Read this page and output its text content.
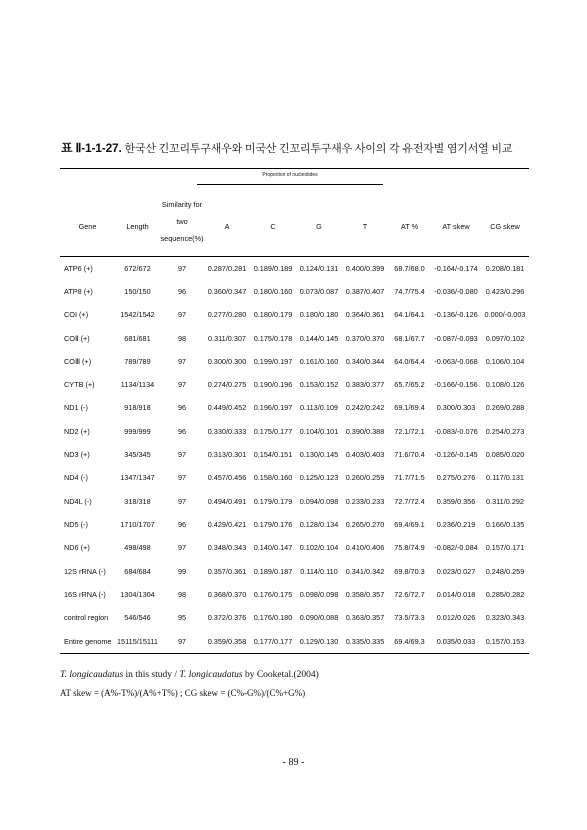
표 Ⅱ-1-1-27. 한국산 긴꼬리투구새우와 미국산 긴꼬리투구새우 사이의 각 유전자별 염기서열 비교
Proportion of nucleotides
Gene	Length	Similarity for
two
sequence(%)	A	C	G	T	AT %	AT skew	CG skew
ATP6 (+)	672/672	97	0.287/0.281	0.189/0.189	0.124/0.131	0.400/0.399	68.7/68.0	-0.164/-0.174	0.208/0.181
ATP8 (+)	150/150	96	0.360/0.347	0.180/0.160	0.073/0.087	0.387/0.407	74.7/75.4	-0.036/-0.080	0.423/0.296
COI (+)	1542/1542	97	0.277/0.280	0.180/0.179	0.180/0.180	0.364/0.361	64.1/64.1	-0.136/-0.126	0.000/-0.003
COⅡ (+)	681/681	98	0.311/0.307	0.175/0.178	0.144/0.145	0.370/0.370	68.1/67.7	-0.087/-0.093	0.097/0.102
COⅢ (+)	789/789	97	0.300/0.300	0.199/0.197	0.161/0.160	0.340/0.344	64.0/64.4	-0.063/-0.068	0.106/0.104
CYTB (+)	1134/1134	97	0.274/0.275	0.190/0.196	0.153/0.152	0.383/0.377	65.7/65.2	-0.166/-0.156	0.108/0.126
ND1 (-)	918/918	96	0.449/0.452	0.196/0.197	0.113/0.109	0.242/0.242	69.1/69.4	0.300/0.303	0.269/0.288
ND2 (+)	999/999	96	0.330/0.333	0.175/0.177	0.104/0.101	0.390/0.388	72.1/72.1	-0.083/-0.076	0.254/0.273
ND3 (+)	345/345	97	0.313/0.301	0.154/0.151	0.130/0.145	0.403/0.403	71.6/70.4	-0.126/-0.145	0.085/0.020
ND4 (-)	1347/1347	97	0.457/0.456	0.158/0.160	0.125/0.123	0.260/0.259	71.7/71.5	0.275/0.276	0.117/0.131
ND4L (-)	318/318	97	0.494/0.491	0.179/0.179	0.094/0.098	0.233/0.233	72.7/72.4	0.359/0.356	0.311/0.292
ND5 (-)	1710/1707	96	0.429/0.421	0.179/0.176	0.128/0.134	0.265/0.270	69.4/69.1	0.236/0.219	0.166/0.135
ND6 (+)	498/498	97	0.348/0.343	0.140/0.147	0.102/0.104	0.410/0.406	75.8/74.9	-0.082/-0.084	0.157/0.171
12S rRNA (-)	684/684	99	0.357/0.361	0.189/0.187	0.114/0.110	0.341/0.342	69.8/70.3	0.023/0.027	0.248/0.259
16S rRNA (-)	1304/1304	98	0.368/0.370	0.176/0.175	0.098/0.098	0.358/0.357	72.6/72.7	0.014/0.018	0.285/0.282
control region	546/546	95	0.372/0.376	0.176/0.180	0.090/0.088	0.363/0.357	73.5/73.3	0.012/0.026	0.323/0.343
Entire genome	15115/15111	97	0.359/0.358	0.177/0.177	0.129/0.130	0.335/0.335	69.4/69.3	0.035/0.033	0.157/0.153
T. longicaudatus in this study / T. longicaudatus by Cooketal.(2004)
AT skew = (A%-T%)/(A%+T%) ; CG skew = (C%-G%)/(C%+G%)
- 89 -
